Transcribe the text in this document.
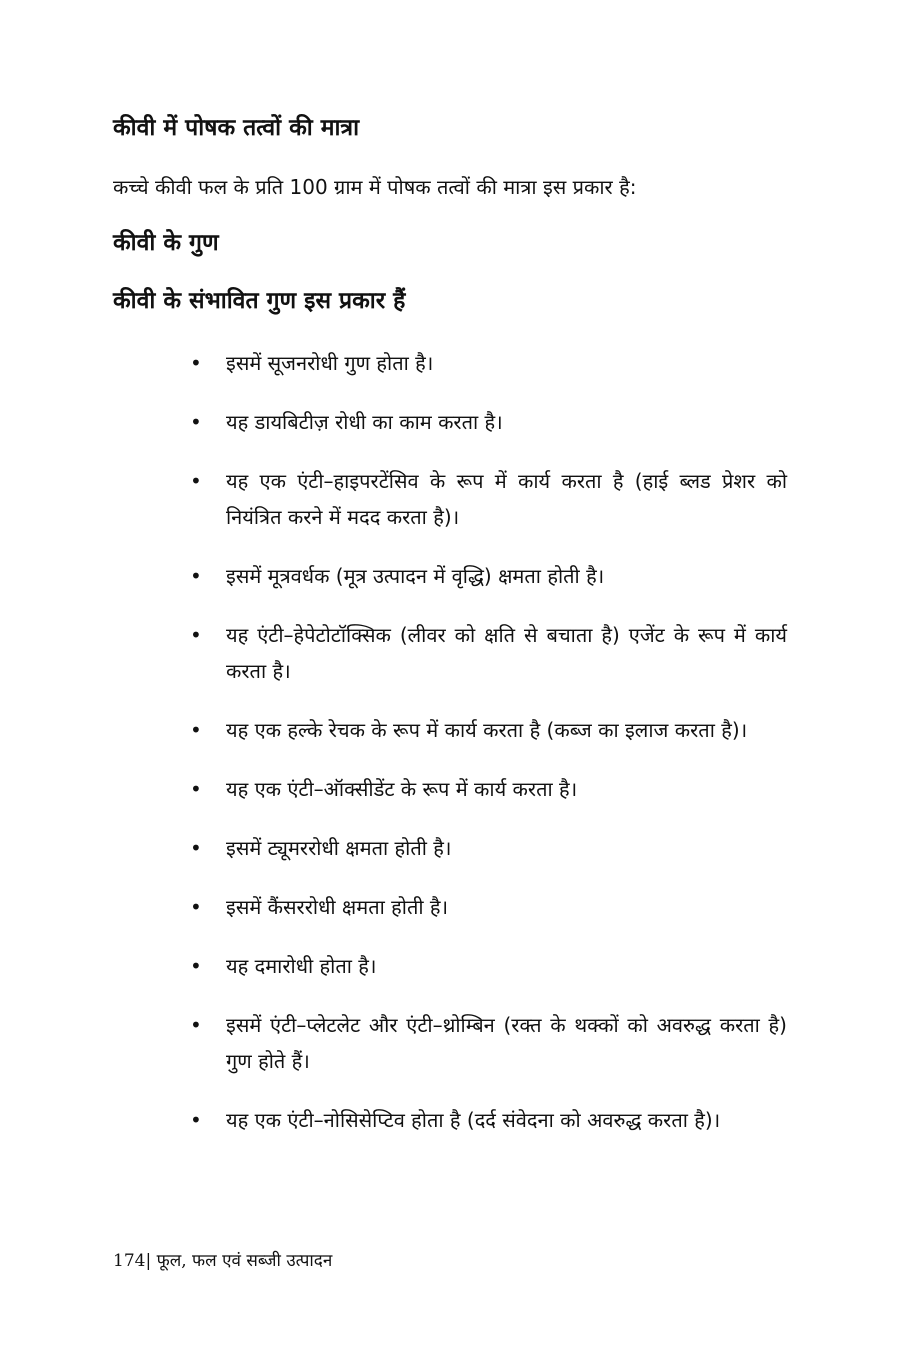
कीवी में पोषक तत्वों की मात्रा

कच्चे कीवी फल के प्रति 100 ग्राम में पोषक तत्वों की मात्रा इस प्रकार है:

कीवी के गुण
कीवी के संभावित गुण इस प्रकार हैं
• इसमें सूजनरोधी गुण होता है।
• यह डायबिटीज़ रोधी का काम करता है।
• यह एक एंटी–हाइपरटेंसिव के रूप में कार्य करता है (हाई ब्लड प्रेशर को नियंत्रित करने में मदद करता है)।
• इसमें मूत्रवर्धक (मूत्र उत्पादन में वृद्धि) क्षमता होती है।
• यह एंटी–हेपेटोटॉक्सिक (लीवर को क्षति से बचाता है) एजेंट के रूप में कार्य करता है।
• यह एक हल्के रेचक के रूप में कार्य करता है (कब्ज का इलाज करता है)।
• यह एक एंटी–ऑक्सीडेंट के रूप में कार्य करता है।
• इसमें ट्यूमररोधी क्षमता होती है।
• इसमें कैंसररोधी क्षमता होती है।
• यह दमारोधी होता है।
• इसमें एंटी–प्लेटलेट और एंटी–थ्रोम्बिन (रक्त के थक्कों को अवरुद्ध करता है) गुण होते हैं।
• यह एक एंटी–नोसिसेप्टिव होता है (दर्द संवेदना को अवरुद्ध करता है)।
174| फूल, फल एवं सब्जी उत्पादन
